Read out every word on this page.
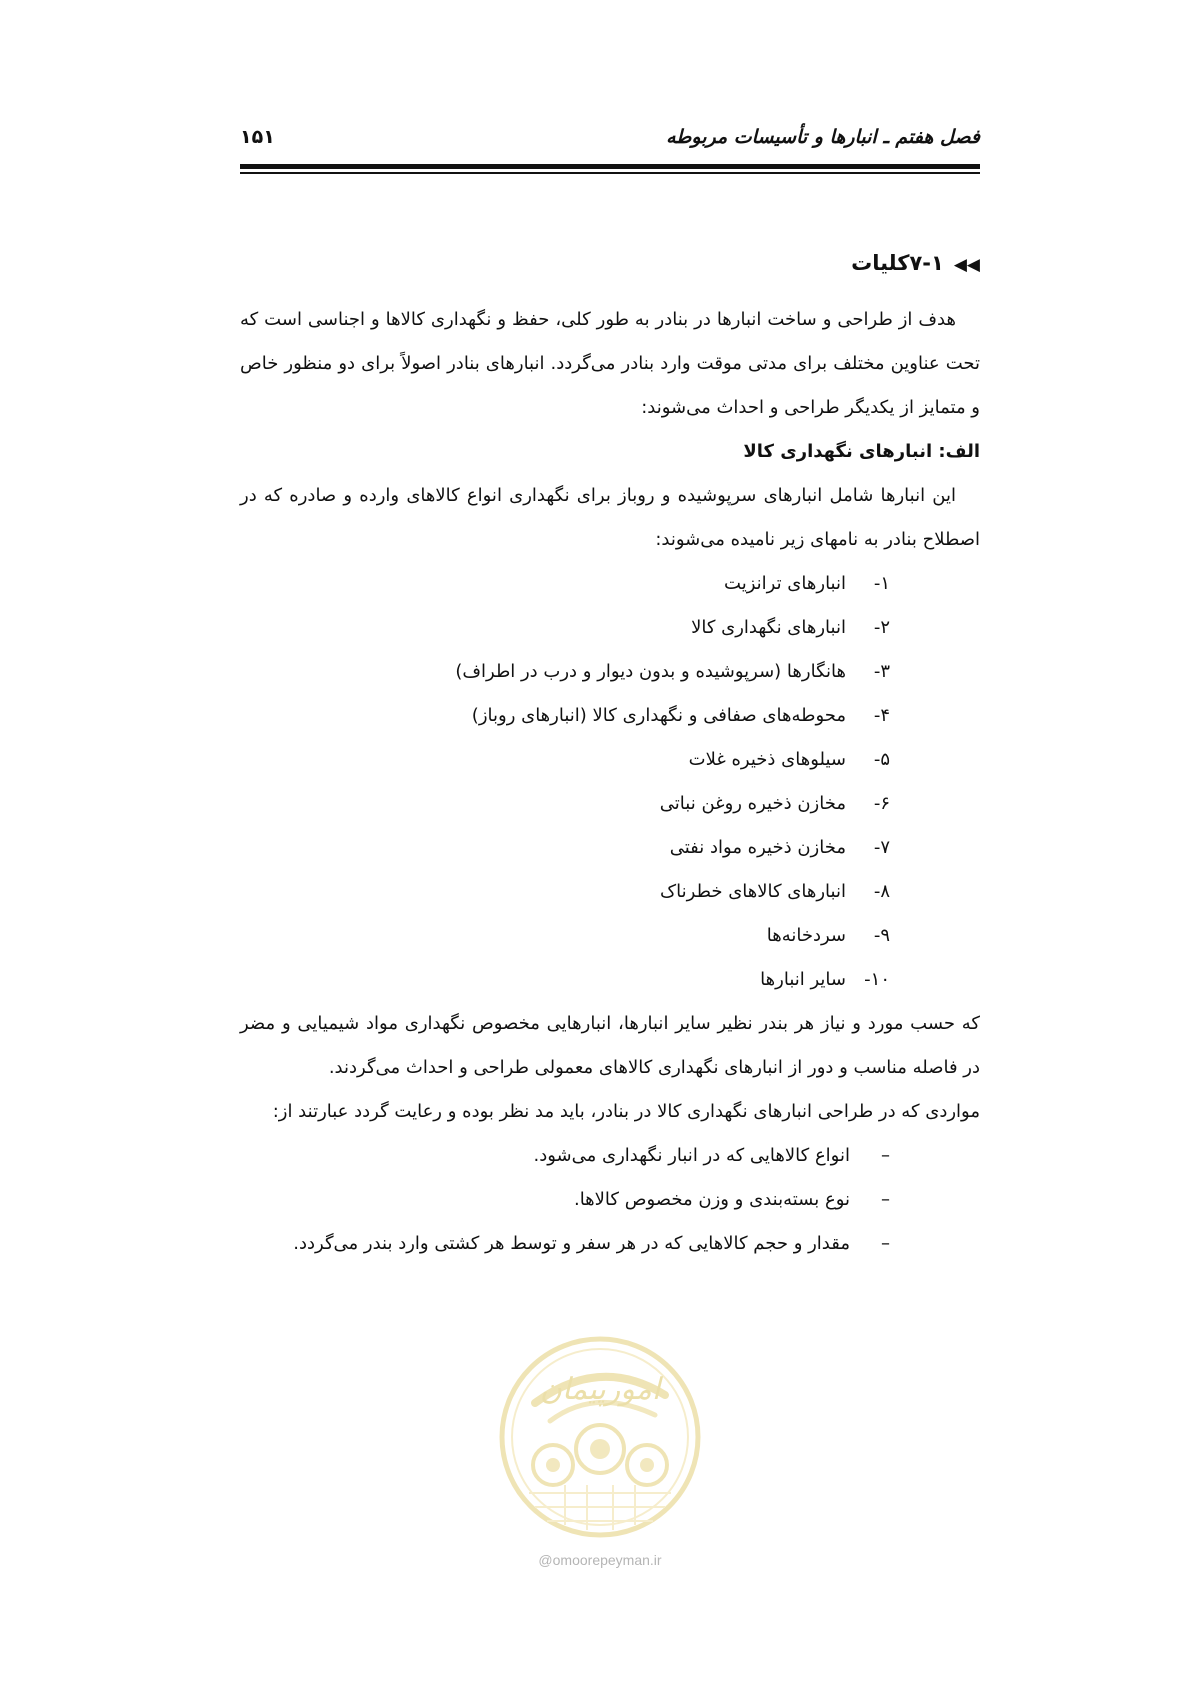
فصل هفتم ـ انبارها و تأسیسات مربوطه
۱۵۱
◀◀۷-۱کلیات
هدف از طراحی و ساخت انبارها در بنادر به طور کلی، حفظ و نگهداری کالاها و اجناسی است که تحت عناوین مختلف برای مدتی موقت وارد بنادر می‌گردد. انبارهای بنادر اصولاً برای دو منظور خاص و متمایز از یکدیگر طراحی و احداث می‌شوند:
الف: انبارهای نگهداری کالا
این انبارها شامل انبارهای سرپوشیده و روباز برای نگهداری انواع کالاهای وارده و صادره که در اصطلاح بنادر به نامهای زیر نامیده می‌شوند:
۱-انبارهای ترانزیت
۲-انبارهای نگهداری کالا
۳-هانگارها (سرپوشیده و بدون دیوار و درب در اطراف)
۴-محوطه‌های صفافی و نگهداری کالا (انبارهای روباز)
۵-سیلوهای ذخیره غلات
۶-مخازن ذخیره روغن نباتی
۷-مخازن ذخیره مواد نفتی
۸-انبارهای کالاهای خطرناک
۹-سردخانه‌ها
۱۰-سایر انبارها
که حسب مورد و نیاز هر بندر نظیر سایر انبارها، انبارهایی مخصوص نگهداری مواد شیمیایی و مضر در فاصله مناسب و دور از انبارهای نگهداری کالاهای معمولی طراحی و احداث می‌گردند.
مواردی که در طراحی انبارهای نگهداری کالا در بنادر، باید مد نظر بوده و رعایت گردد عبارتند از:
–انواع کالاهایی که در انبار نگهداری می‌شود.
–نوع بسته‌بندی و وزن مخصوص کالاها.
–مقدار و حجم کالاهایی که در هر سفر و توسط هر کشتی وارد بندر می‌گردد.
امورپیمان
@omoorepeyman.ir
